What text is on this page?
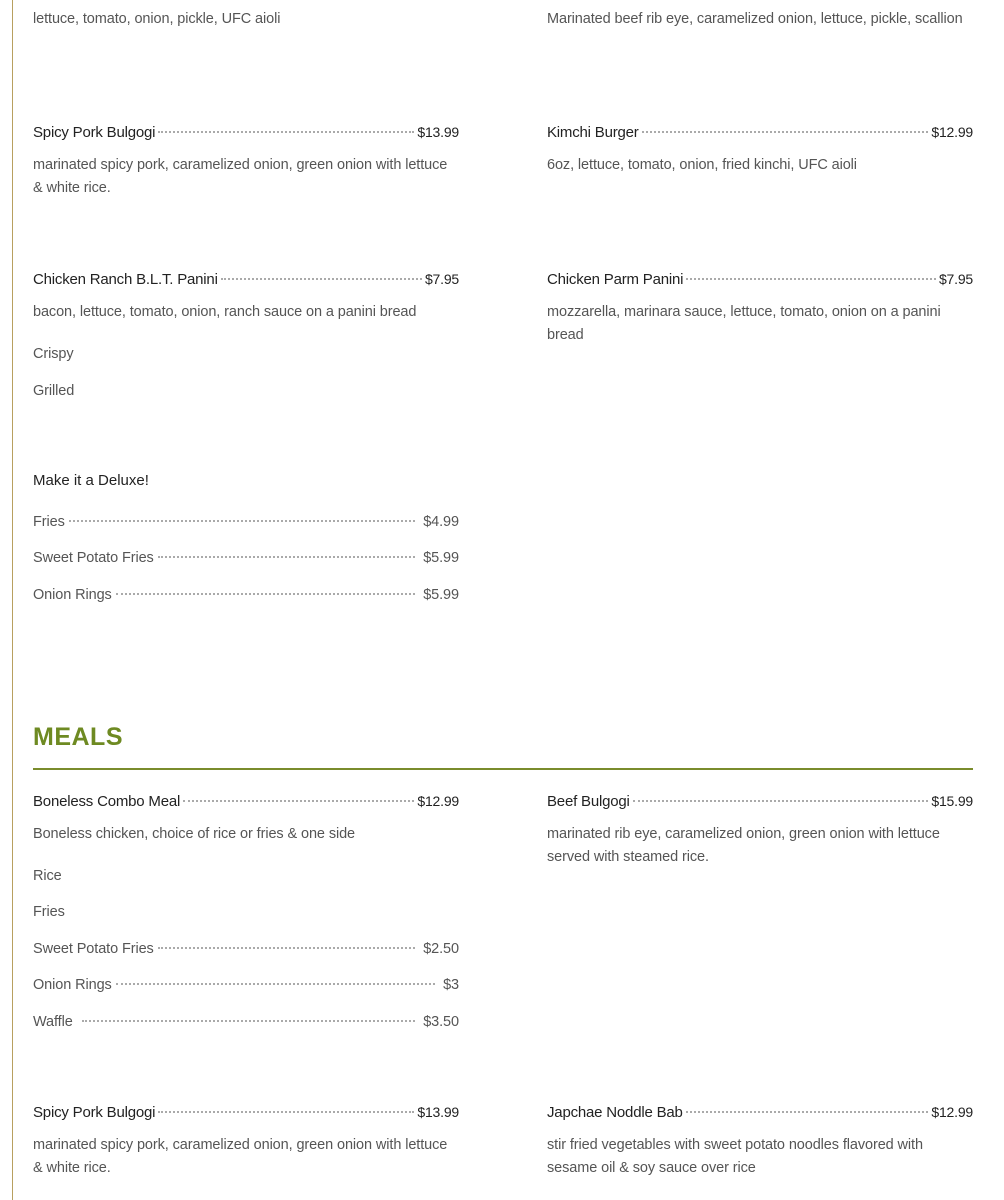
lettuce, tomato, onion, pickle, UFC aioli	Marinated beef rib eye, caramelized onion, lettuce, pickle, scallion
Spicy Pork Bulgogi	$13.99
marinated spicy pork, caramelized onion, green onion with lettuce & white rice.
Kimchi Burger	$12.99
6oz, lettuce, tomato, onion, fried kinchi, UFC aioli
Chicken Ranch B.L.T. Panini	$7.95
bacon, lettuce, tomato, onion, ranch sauce on a panini bread
Chicken Parm Panini	$7.95
mozzarella, marinara sauce, lettuce, tomato, onion on a panini bread
Crispy
Grilled
Make it a Deluxe!
Fries	$4.99
Sweet Potato Fries	$5.99
Onion Rings	$5.99
MEALS
Boneless Combo Meal	$12.99
Boneless chicken, choice of rice or fries & one side
Beef Bulgogi	$15.99
marinated rib eye, caramelized onion, green onion with lettuce served with steamed rice.
Rice
Fries
Sweet Potato Fries	$2.50
Onion Rings	$3
Waffle	$3.50
Spicy Pork Bulgogi	$13.99
marinated spicy pork, caramelized onion, green onion with lettuce & white rice.
Japchae Noddle Bab	$12.99
stir fried vegetables with sweet potato noodles flavored with sesame oil & soy sauce over rice
